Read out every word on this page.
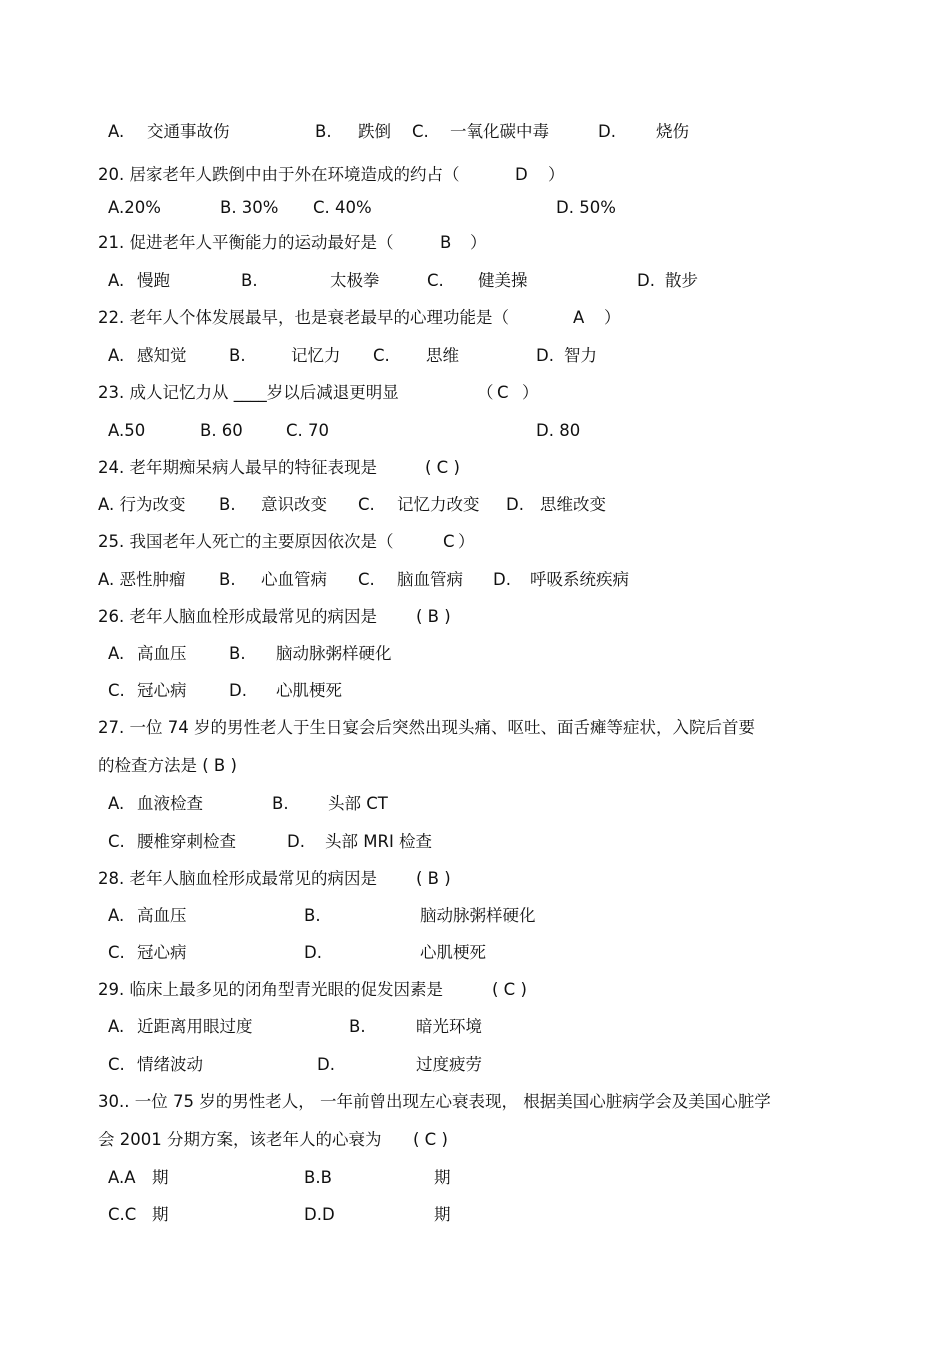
A. 交通事故伤	B. 跌倒 C. 一氧化碳中毒	D. 烧伤
20. 居家老年人跌倒中由于外在环境造成的约占（	D ）
A.20%	B. 30% C. 40%	D. 50%
21. 促进老年人平衡能力的运动最好是（	B ）
A. 慢跑	B.	太极拳	C. 健美操	D. 散步
22. 老年人个体发展最早，也是衰老最早的心理功能是（	A ）
A. 感知觉	B.	记忆力 C. 思维	D. 智力
23. 成人记忆力从 ____岁以后减退更明显	（ C ）
A.50	B. 60	C. 70	D. 80
24. 老年期痴呆病人最早的特征表现是	( C )
A. 行为改变 B. 意识改变 C. 记忆力改变 D. 思维改变
25. 我国老年人死亡的主要原因依次是（	C ）
A. 恶性肿瘤 B. 心血管病 C. 脑血管病 D. 呼吸系统疾病
26. 老年人脑血栓形成最常见的病因是 ( B )
A. 高血压	B. 脑动脉粥样硬化
C. 冠心病	D. 心肌梗死
27. 一位 74 岁的男性老人于生日宴会后突然出现头痛、呕吐、面舌瘫等症状，入院后首要
的检查方法是 ( B )
A. 血液检查	B. 头部 CT
C. 腰椎穿刺检查	D. 头部 MRI 检查
28. 老年人脑血栓形成最常见的病因是 ( B )
A. 高血压	B.	脑动脉粥样硬化
C. 冠心病	D.	心肌梗死
29. 临床上最多见的闭角型青光眼的促发因素是	( C )
A. 近距离用眼过度	B.	暗光环境
C. 情绪波动	D.	过度疲劳
30.. 一位 75 岁的男性老人， 一年前曾出现左心衰表现， 根据美国心脏病学会及美国心脏学
会 2001 分期方案，该老年人的心衰为 ( C )
A.A 期	B.B	期
C.C 期	D.D	期
